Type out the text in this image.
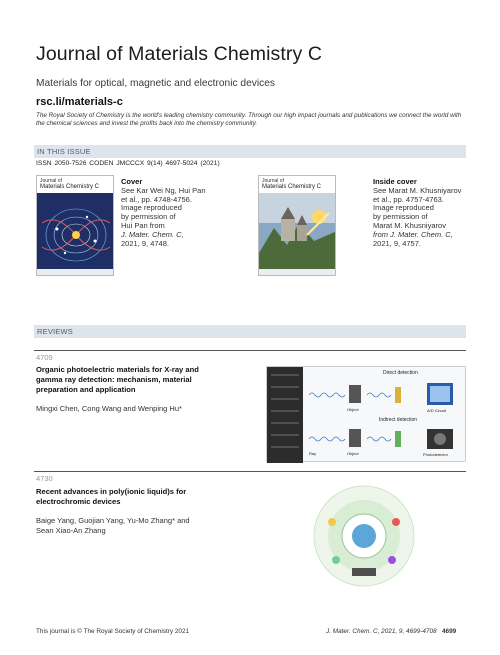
Journal of Materials Chemistry C
Materials for optical, magnetic and electronic devices
rsc.li/materials-c
The Royal Society of Chemistry is the world's leading chemistry community. Through our high impact journals and publications we connect the world with the chemical sciences and invest the profits back into the chemistry community.
IN THIS ISSUE
ISSN 2050-7526 CODEN JMCCCX 9(14) 4697-5024 (2021)
Journal of
Materials Chemistry C
Cover
See Kar Wei Ng, Hui Pan
et al., pp. 4748-4756.
Image reproduced
by permission of
Hui Pan from
J. Mater. Chem. C,
2021, 9, 4748.
Journal of
Materials Chemistry C
Inside cover
See Marat M. Khusniyarov
et al., pp. 4757-4763.
Image reproduced
by permission of
Marat M. Khusniyarov
from J. Mater. Chem. C,
2021, 9, 4757.
REVIEWS
4709
Organic photoelectric materials for X-ray and
gamma ray detection: mechanism, material
preparation and application
Mingxi Chen, Cong Wang and Wenping Hu*
Direct detection
Indirect detection
Object
Object
Ray
A/D Circuit
Photodetector
4730
Recent advances in poly(ionic liquid)s for
electrochromic devices
Baige Yang, Guojian Yang, Yu-Mo Zhang* and
Sean Xiao-An Zhang
This journal is © The Royal Society of Chemistry 2021	J. Mater. Chem. C, 2021, 9, 4699-4708 4699
